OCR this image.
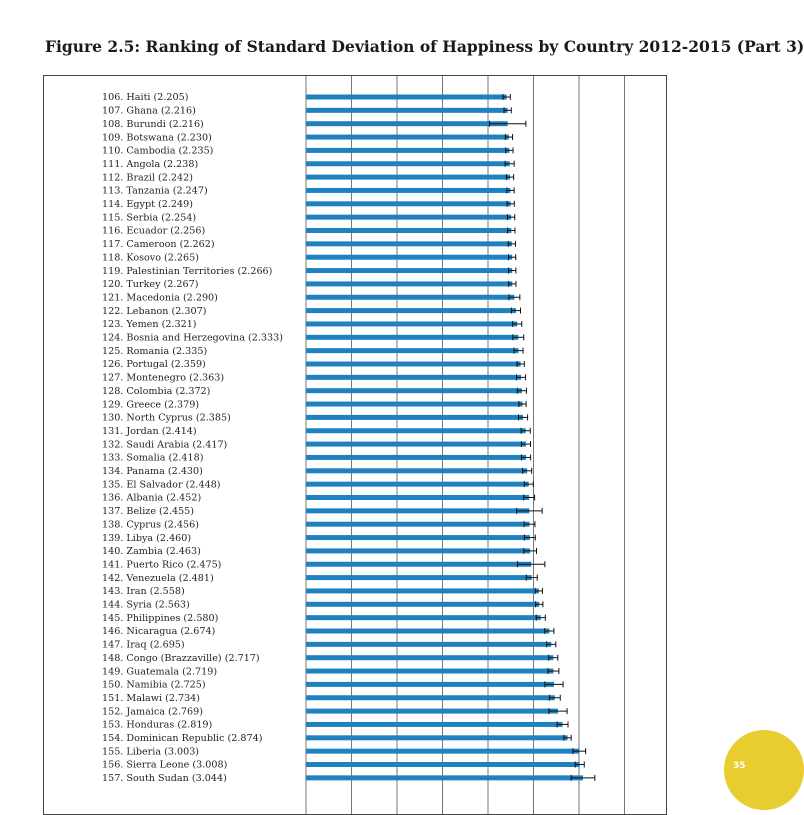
Figure 2.5: Ranking of Standard Deviation of Happiness by Country 2012-2015 (Part 3)
106. Haiti (2.205)
107. Ghana (2.216)
108. Burundi (2.216)
109. Botswana (2.230)
110. Cambodia (2.235)
111. Angola (2.238)
112. Brazil (2.242)
113. Tanzania (2.247)
114. Egypt (2.249)
115. Serbia (2.254)
116. Ecuador (2.256)
117. Cameroon (2.262)
118. Kosovo (2.265)
119. Palestinian Territories (2.266)
120. Turkey (2.267)
121. Macedonia (2.290)
122. Lebanon (2.307)
123. Yemen (2.321)
124. Bosnia and Herzegovina (2.333)
125. Romania (2.335)
126. Portugal (2.359)
127. Montenegro (2.363)
128. Colombia (2.372)
129. Greece (2.379)
130. North Cyprus (2.385)
131. Jordan (2.414)
132. Saudi Arabia (2.417)
133. Somalia (2.418)
134. Panama (2.430)
135. El Salvador (2.448)
136. Albania (2.452)
137. Belize (2.455)
138. Cyprus (2.456)
139. Libya (2.460)
140. Zambia (2.463)
141. Puerto Rico (2.475)
142. Venezuela (2.481)
143. Iran (2.558)
144. Syria (2.563)
145. Philippines (2.580)
146. Nicaragua (2.674)
147. Iraq (2.695)
148. Congo (Brazzaville) (2.717)
149. Guatemala (2.719)
150. Namibia (2.725)
151. Malawi (2.734)
152. Jamaica (2.769)
153. Honduras (2.819)
154. Dominican Republic (2.874)
155. Liberia (3.003)
156. Sierra Leone (3.008)
157. South Sudan (3.044)
35
